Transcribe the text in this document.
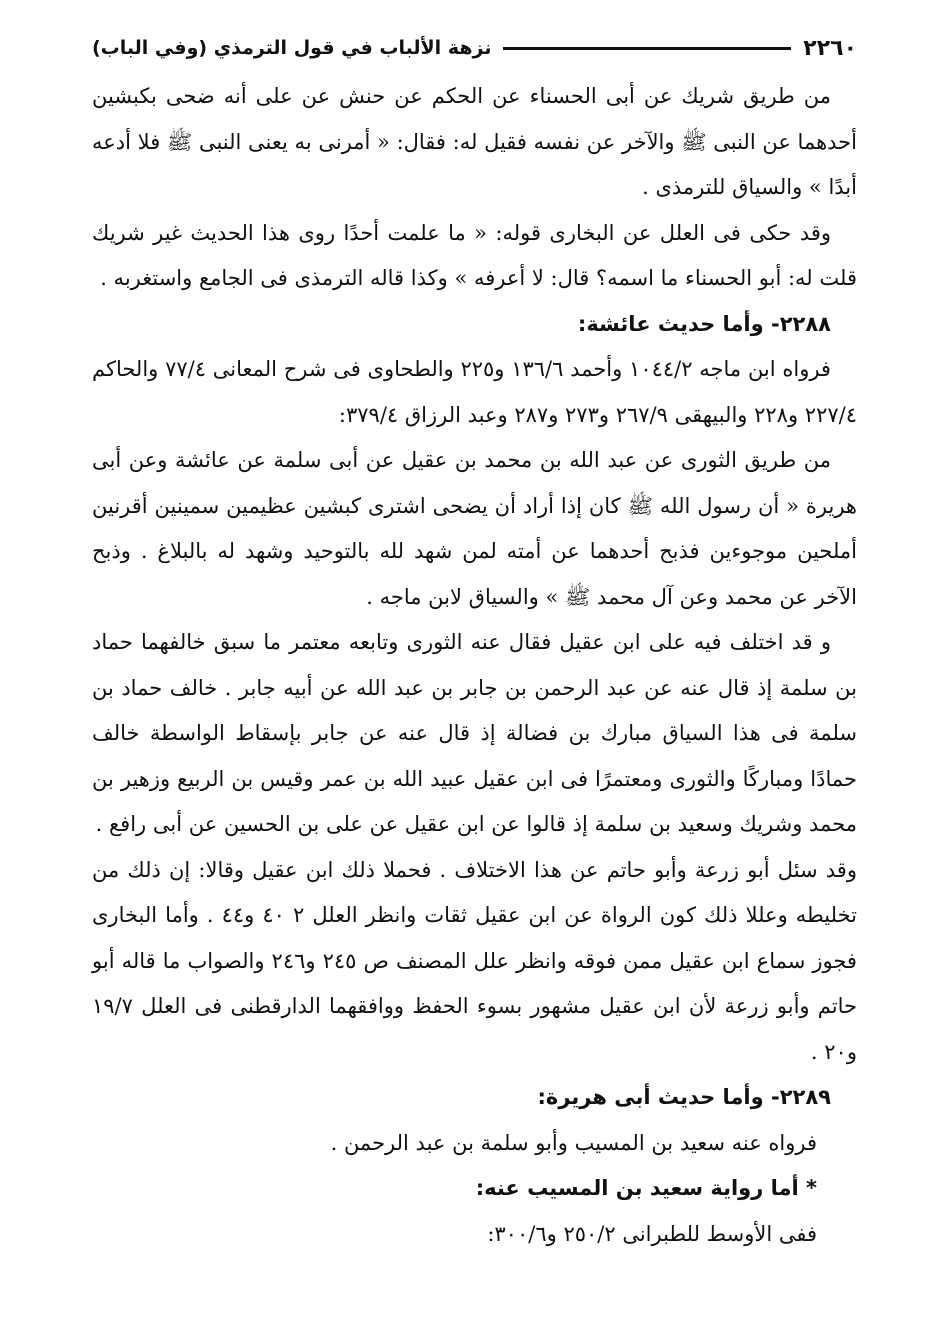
٢٢٦٠
نزهة الألباب في قول الترمذي (وفي الباب)

من طريق شريك عن أبى الحسناء عن الحكم عن حنش عن على أنه ضحى بكبشين أحدهما عن النبى ﷺ والآخر عن نفسه فقيل له: فقال: « أمرنى به يعنى النبى ﷺ فلا أدعه أبدًا » والسياق للترمذى .

وقد حكى فى العلل عن البخارى قوله: « ما علمت أحدًا روى هذا الحديث غير شريك قلت له: أبو الحسناء ما اسمه؟ قال: لا أعرفه » وكذا قاله الترمذى فى الجامع واستغربه .

٢٢٨٨- وأما حديث عائشة:

فرواه ابن ماجه ١٠٤٤/٢ وأحمد ١٣٦/٦ و٢٢٥ والطحاوى فى شرح المعانى ٧٧/٤ والحاكم ٢٢٧/٤ و٢٢٨ والبيهقى ٢٦٧/٩ و٢٧٣ و٢٨٧ وعبد الرزاق ٣٧٩/٤:

من طريق الثورى عن عبد الله بن محمد بن عقيل عن أبى سلمة عن عائشة وعن أبى هريرة « أن رسول الله ﷺ كان إذا أراد أن يضحى اشترى كبشين عظيمين سمينين أقرنين أملحين موجوءين فذبح أحدهما عن أمته لمن شهد لله بالتوحيد وشهد له بالبلاغ . وذبح الآخر عن محمد وعن آل محمد ﷺ » والسياق لابن ماجه .

و قد اختلف فيه على ابن عقيل فقال عنه الثورى وتابعه معتمر ما سبق خالفهما حماد بن سلمة إذ قال عنه عن عبد الرحمن بن جابر بن عبد الله عن أبيه جابر . خالف حماد بن سلمة فى هذا السياق مبارك بن فضالة إذ قال عنه عن جابر بإسقاط الواسطة خالف حمادًا ومباركًا والثورى ومعتمرًا فى ابن عقيل عبيد الله بن عمر وقيس بن الربيع وزهير بن محمد وشريك وسعيد بن سلمة إذ قالوا عن ابن عقيل عن على بن الحسين عن أبى رافع .

وقد سئل أبو زرعة وأبو حاتم عن هذا الاختلاف . فحملا ذلك ابن عقيل وقالا: إن ذلك من تخليطه وعللا ذلك كون الرواة عن ابن عقيل ثقات وانظر العلل ٢ ٤٠ و٤٤ . وأما البخارى فجوز سماع ابن عقيل ممن فوقه وانظر علل المصنف ص ٢٤٥ و٢٤٦ والصواب ما قاله أبو حاتم وأبو زرعة لأن ابن عقيل مشهور بسوء الحفظ ووافقهما الدارقطنى فى العلل ١٩/٧ و٢٠ .

٢٢٨٩- وأما حديث أبى هريرة:

فرواه عنه سعيد بن المسيب وأبو سلمة بن عبد الرحمن .

* أما رواية سعيد بن المسيب عنه:

ففى الأوسط للطبرانى ٢٥٠/٢ و٣٠٠/٦:
